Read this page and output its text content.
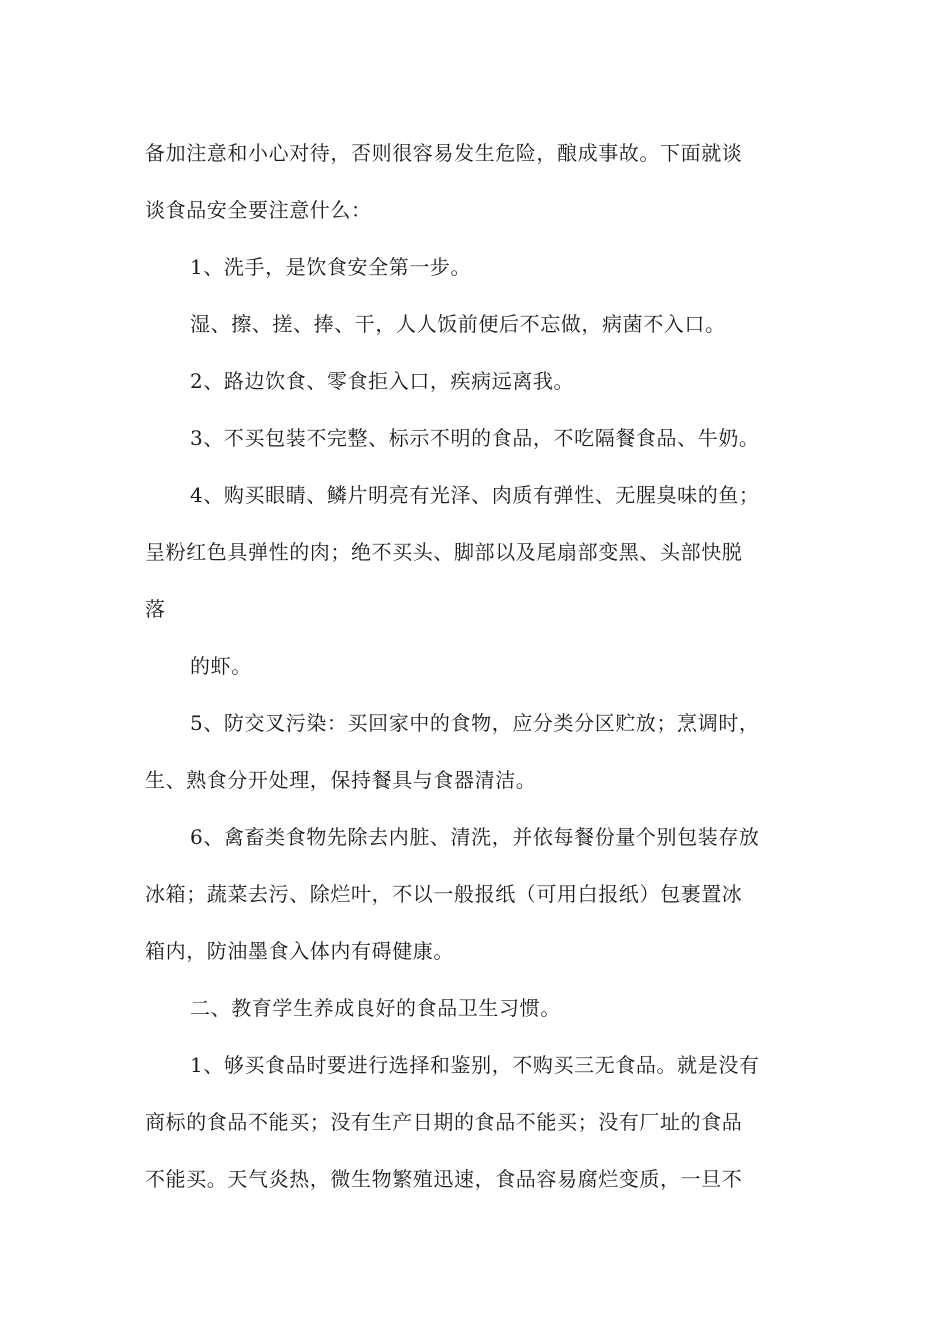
备加注意和小心对待，否则很容易发生危险，酿成事故。下面就谈
谈食品安全要注意什么：
1、洗手，是饮食安全第一步。
湿、擦、搓、捧、干，人人饭前便后不忘做，病菌不入口。
2、路边饮食、零食拒入口，疾病远离我。
3、不买包装不完整、标示不明的食品，不吃隔餐食品、牛奶。
4、购买眼睛、鳞片明亮有光泽、肉质有弹性、无腥臭味的鱼；
呈粉红色具弹性的肉；绝不买头、脚部以及尾扇部变黑、头部快脱
落
的虾。
5、防交叉污染：买回家中的食物，应分类分区贮放；烹调时，
生、熟食分开处理，保持餐具与食器清洁。
6、禽畜类食物先除去内脏、清洗，并依每餐份量个别包装存放
冰箱；蔬菜去污、除烂叶，不以一般报纸（可用白报纸）包裹置冰
箱内，防油墨食入体内有碍健康。
二、教育学生养成良好的食品卫生习惯。
1、够买食品时要进行选择和鉴别，不购买三无食品。就是没有
商标的食品不能买；没有生产日期的食品不能买；没有厂址的食品
不能买。天气炎热，微生物繁殖迅速，食品容易腐烂变质，一旦不
